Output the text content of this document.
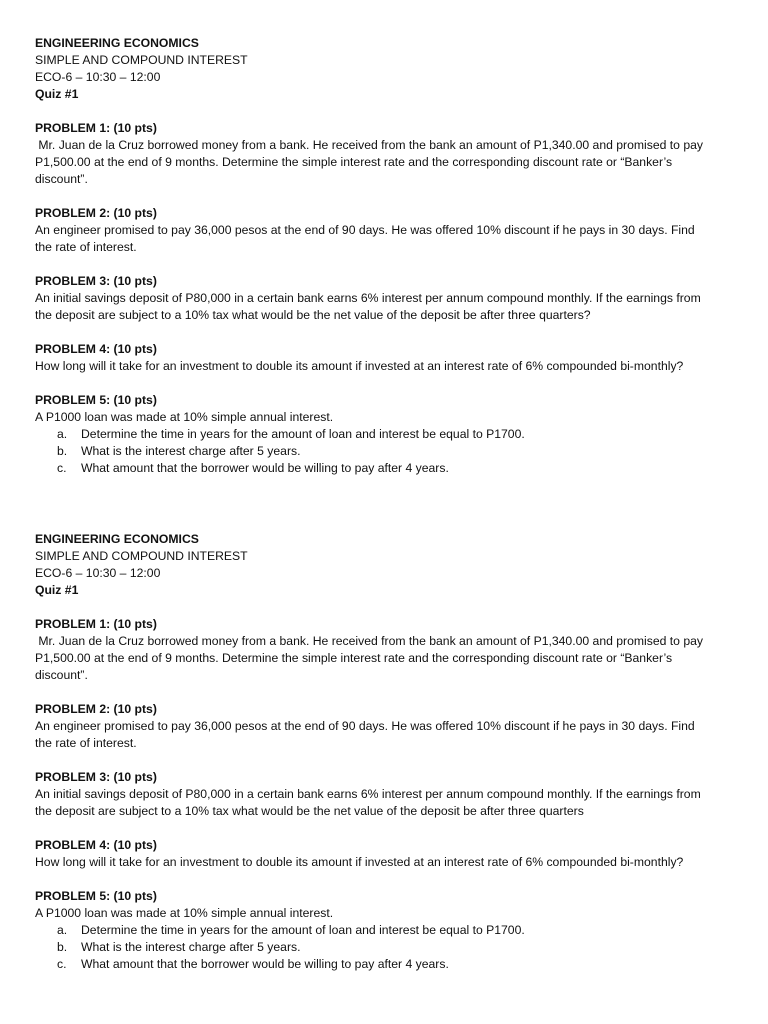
ENGINEERING ECONOMICS
SIMPLE AND COMPOUND INTEREST
ECO-6 – 10:30 – 12:00
Quiz #1
PROBLEM 1: (10 pts)
Mr. Juan de la Cruz borrowed money from a bank. He received from the bank an amount of P1,340.00 and promised to pay
P1,500.00 at the end of 9 months. Determine the simple interest rate and the corresponding discount rate or “Banker’s
discount”.
PROBLEM 2: (10 pts)
An engineer promised to pay 36,000 pesos at the end of 90 days. He was offered 10% discount if he pays in 30 days. Find
the rate of interest.
PROBLEM 3: (10 pts)
An initial savings deposit of P80,000 in a certain bank earns 6% interest per annum compound monthly. If the earnings from
the deposit are subject to a 10% tax what would be the net value of the deposit be after three quarters?
PROBLEM 4: (10 pts)
How long will it take for an investment to double its amount if invested at an interest rate of 6% compounded bi-monthly?
PROBLEM 5: (10 pts)
A P1000 loan was made at 10% simple annual interest.
a. Determine the time in years for the amount of loan and interest be equal to P1700.
b. What is the interest charge after 5 years.
c. What amount that the borrower would be willing to pay after 4 years.
ENGINEERING ECONOMICS
SIMPLE AND COMPOUND INTEREST
ECO-6 – 10:30 – 12:00
Quiz #1
PROBLEM 1: (10 pts)
Mr. Juan de la Cruz borrowed money from a bank. He received from the bank an amount of P1,340.00 and promised to pay
P1,500.00 at the end of 9 months. Determine the simple interest rate and the corresponding discount rate or “Banker’s
discount”.
PROBLEM 2: (10 pts)
An engineer promised to pay 36,000 pesos at the end of 90 days. He was offered 10% discount if he pays in 30 days. Find
the rate of interest.
PROBLEM 3: (10 pts)
An initial savings deposit of P80,000 in a certain bank earns 6% interest per annum compound monthly. If the earnings from
the deposit are subject to a 10% tax what would be the net value of the deposit be after three quarters
PROBLEM 4: (10 pts)
How long will it take for an investment to double its amount if invested at an interest rate of 6% compounded bi-monthly?
PROBLEM 5: (10 pts)
A P1000 loan was made at 10% simple annual interest.
a. Determine the time in years for the amount of loan and interest be equal to P1700.
b. What is the interest charge after 5 years.
c. What amount that the borrower would be willing to pay after 4 years.
